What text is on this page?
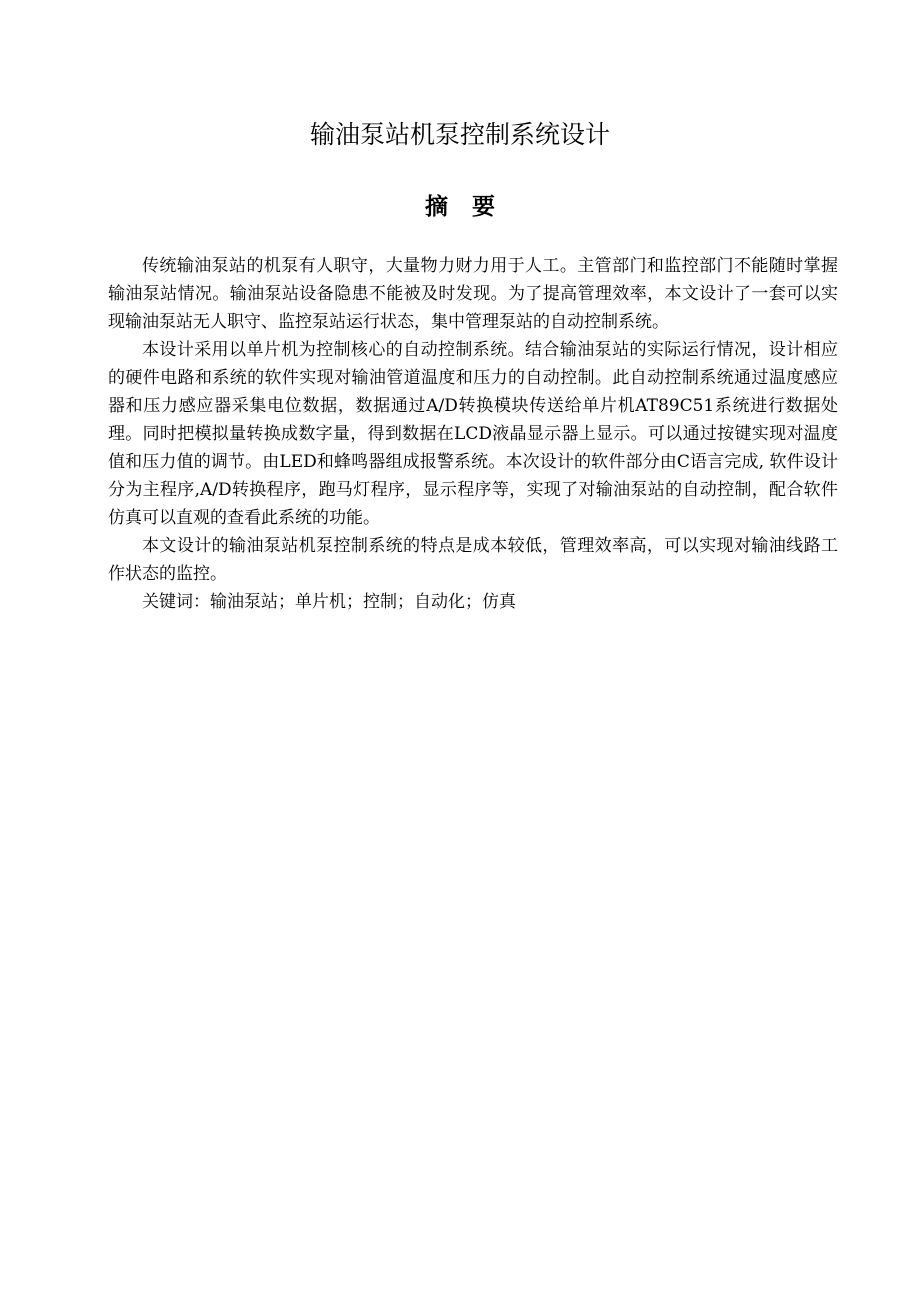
输油泵站机泵控制系统设计
摘要

传统输油泵站的机泵有人职守，大量物力财力用于人工。主管部门和监控部门不能随时掌握输油泵站情况。输油泵站设备隐患不能被及时发现。为了提高管理效率，本文设计了一套可以实现输油泵站无人职守、监控泵站运行状态，集中管理泵站的自动控制系统。

本设计采用以单片机为控制核心的自动控制系统。结合输油泵站的实际运行情况，设计相应的硬件电路和系统的软件实现对输油管道温度和压力的自动控制。此自动控制系统通过温度感应器和压力感应器采集电位数据，数据通过A/D转换模块传送给单片机AT89C51系统进行数据处理。同时把模拟量转换成数字量，得到数据在LCD液晶显示器上显示。可以通过按键实现对温度值和压力值的调节。由LED和蜂鸣器组成报警系统。本次设计的软件部分由C语言完成, 软件设计分为主程序,A/D转换程序，跑马灯程序，显示程序等，实现了对输油泵站的自动控制，配合软件仿真可以直观的查看此系统的功能。

本文设计的输油泵站机泵控制系统的特点是成本较低，管理效率高，可以实现对输油线路工作状态的监控。

关键词：输油泵站；单片机；控制；自动化；仿真
